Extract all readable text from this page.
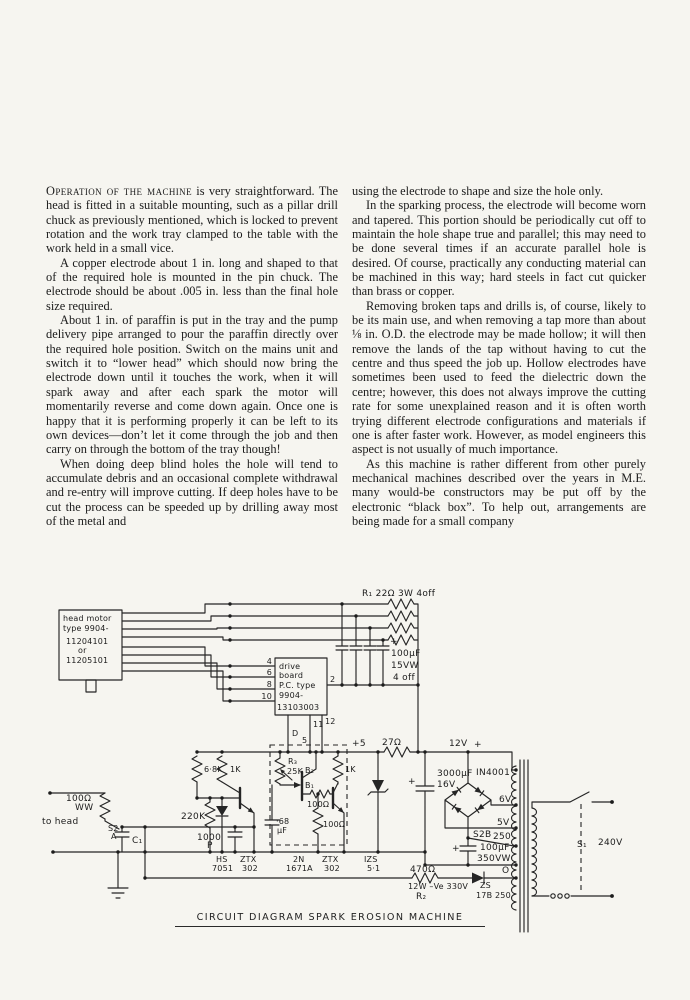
Operation of the machine is very straightforward. The head is fitted in a suitable mounting, such as a pillar drill chuck as previously mentioned, which is locked to prevent rotation and the work tray clamped to the table with the work held in a small vice.

A copper electrode about 1 in. long and shaped to that of the required hole is mounted in the pin chuck. The electrode should be about .005 in. less than the final hole size required.

About 1 in. of paraffin is put in the tray and the pump delivery pipe arranged to pour the paraffin directly over the required hole position. Switch on the mains unit and switch it to “lower head” which should now bring the electrode down until it touches the work, when it will spark away and after each spark the motor will momentarily reverse and come down again. Once one is happy that it is performing properly it can be left to its own devices—don’t let it come through the job and then carry on through the bottom of the tray though!

When doing deep blind holes the hole will tend to accumulate debris and an occasional complete withdrawal and re-entry will improve cutting. If deep holes have to be cut the process can be speeded up by drilling away most of the metal and

using the electrode to shape and size the hole only.

In the sparking process, the electrode will become worn and tapered. This portion should be periodically cut off to maintain the hole shape true and parallel; this may need to be done several times if an accurate parallel hole is desired. Of course, practically any conducting material can be machined in this way; hard steels in fact cut quicker than brass or copper.

Removing broken taps and drills is, of course, likely to be its main use, and when removing a tap more than about ⅛ in. O.D. the electrode may be made hollow; it will then remove the lands of the tap without having to cut the centre and thus speed the job up. Hollow electrodes have sometimes been used to feed the dielectric down the centre; however, this does not always improve the cutting rate for some unexplained reason and it is often worth trying different electrode configurations and materials if one is after faster work. However, as model engineers this aspect is not usually of much importance.

As this machine is rather different from other purely mechanical machines described over the years in M.E. many would-be constructors may be put off by the electronic “black box”. To help out, arrangements are being made for a small company

R₁ 22Ω 3W 4off
head motor
type 9904-
11204101
or
11205101
drive
board
P.C. type
9904-
13103003
4
6
8
10
2
12
11
D
5
+
100µF
15VW
4 off
+5 27Ω	12V +
3000µF
16V
+
IN4001
6V
5V
S2B 250
O
+ 100µF
350VW
470Ω
12W –Ve 330V
R₂
ZS
17B 250
S₁ 240V
100Ω
WW
to head
S2
A C₁
220K
1000
P
6·8K 1K
R₃
25K B₂
B₁
100Ω
100Ω
·68
µF
1K
HS
7051
ZTX
302
2N
1671A
ZTX
302
IZS
5·1
CIRCUIT DIAGRAM SPARK EROSION MACHINE
